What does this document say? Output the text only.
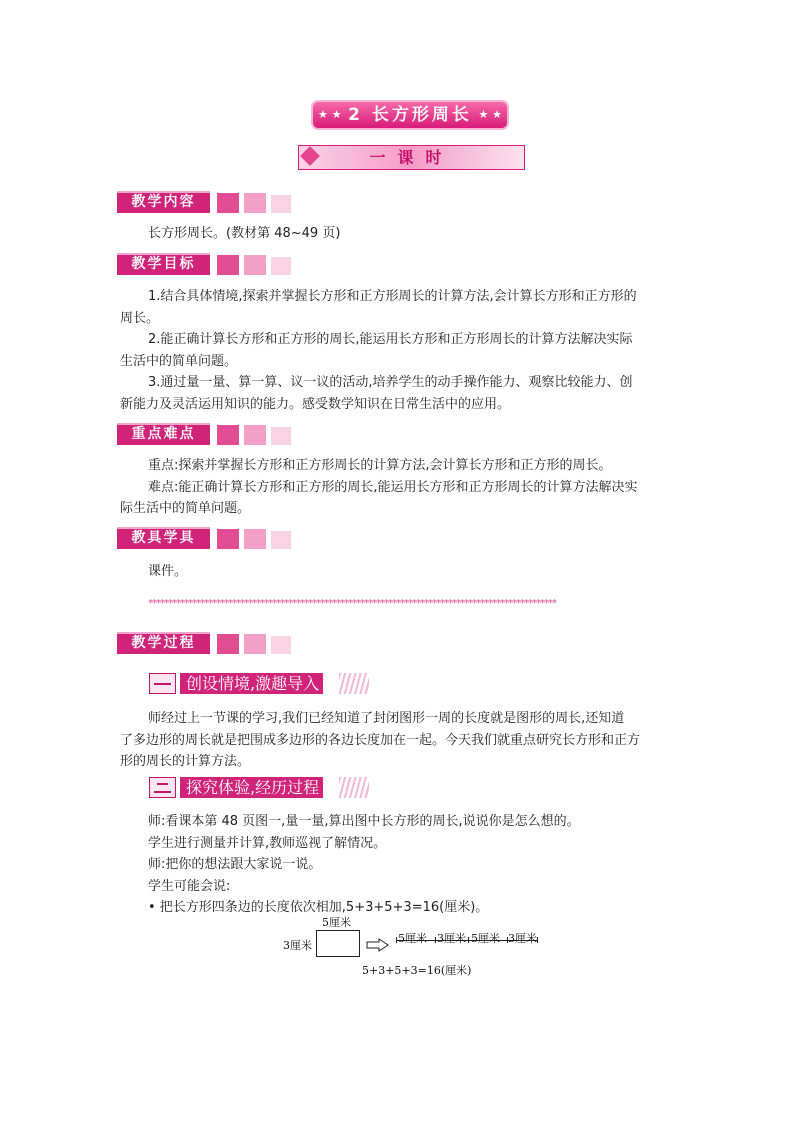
★ ★ 2 长方形周长 ★ ★
一课时
教学内容
长方形周长。(教材第 48~49 页)
教学目标
1.结合具体情境,探索并掌握长方形和正方形周长的计算方法,会计算长方形和正方形的
周长。
2.能正确计算长方形和正方形的周长,能运用长方形和正方形周长的计算方法解决实际
生活中的简单问题。
3.通过量一量、算一算、议一议的活动,培养学生的动手操作能力、观察比较能力、创
新能力及灵活运用知识的能力。感受数学知识在日常生活中的应用。
重点难点
重点:探索并掌握长方形和正方形周长的计算方法,会计算长方形和正方形的周长。
难点:能正确计算长方形和正方形的周长,能运用长方形和正方形周长的计算方法解决实
际生活中的简单问题。
教具学具
课件。
******************************************************************************************************
教学过程
创设情境,激趣导入
师经过上一节课的学习,我们已经知道了封闭图形一周的长度就是图形的周长,还知道
了多边形的周长就是把围成多边形的各边长度加在一起。今天我们就重点研究长方形和正方
形的周长的计算方法。
探究体验,经历过程
师:看课本第 48 页图一,量一量,算出图中长方形的周长,说说你是怎么想的。
学生进行测量并计算,教师巡视了解情况。
师:把你的想法跟大家说一说。
学生可能会说:
• 把长方形四条边的长度依次相加,5+3+5+3=16(厘米)。
5厘米
3厘米
5厘米 3厘米 5厘米 3厘米
5+3+5+3=16(厘米)
